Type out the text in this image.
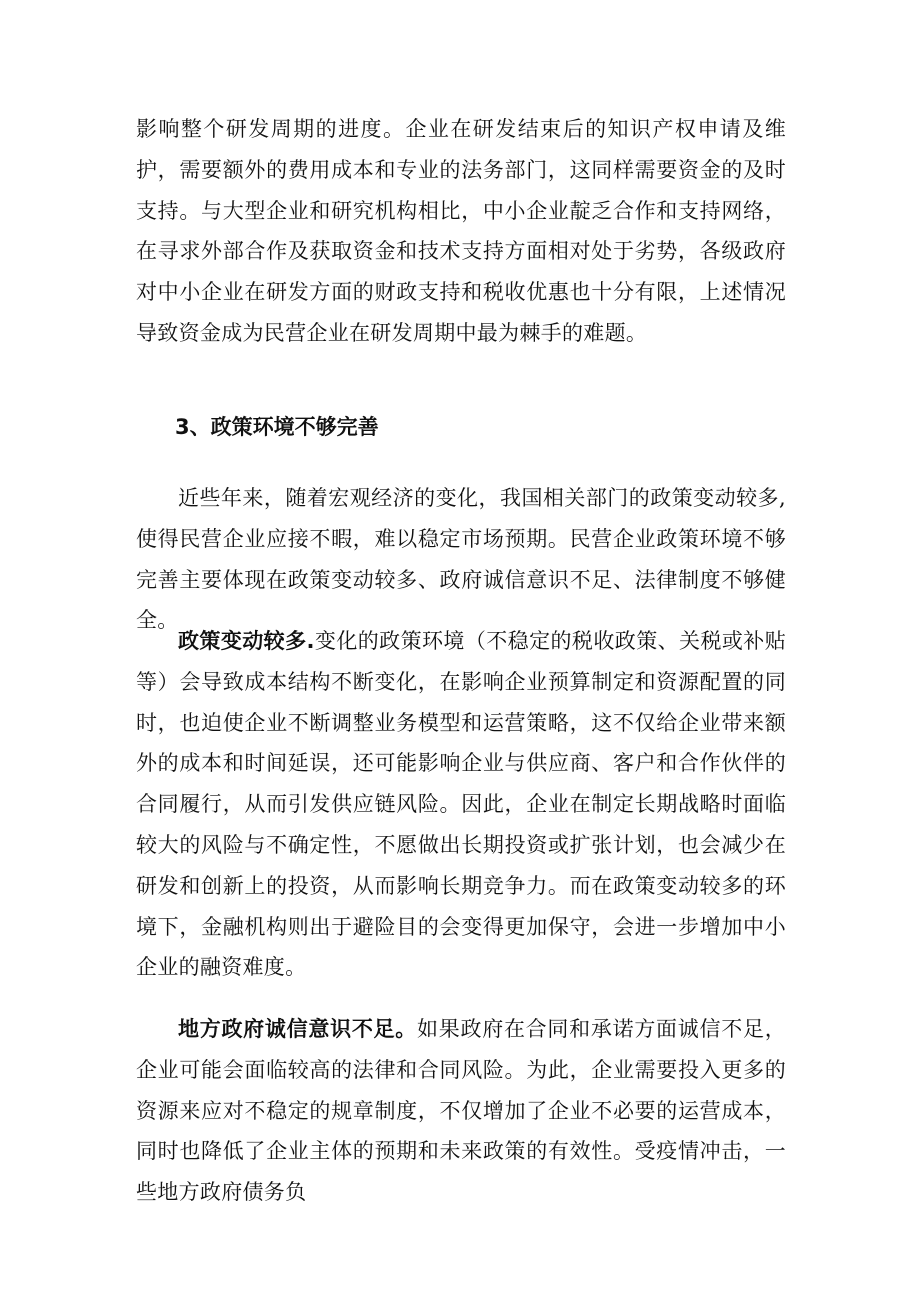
影响整个研发周期的进度。企业在研发结束后的知识产权申请及维护，需要额外的费用成本和专业的法务部门，这同样需要资金的及时支持。与大型企业和研究机构相比，中小企业靛乏合作和支持网络，在寻求外部合作及获取资金和技术支持方面相对处于劣势，各级政府对中小企业在研发方面的财政支持和税收优惠也十分有限，上述情况导致资金成为民营企业在研发周期中最为棘手的难题。

3、政策环境不够完善

近些年来，随着宏观经济的变化，我国相关部门的政策变动较多,使得民营企业应接不暇，难以稳定市场预期。民营企业政策环境不够完善主要体现在政策变动较多、政府诚信意识不足、法律制度不够健全。

政策变动较多.变化的政策环境（不稳定的税收政策、关税或补贴等）会导致成本结构不断变化，在影响企业预算制定和资源配置的同时，也迫使企业不断调整业务模型和运营策略，这不仅给企业带来额外的成本和时间延误，还可能影响企业与供应商、客户和合作伙伴的合同履行，从而引发供应链风险。因此，企业在制定长期战略时面临较大的风险与不确定性，不愿做出长期投资或扩张计划，也会减少在研发和创新上的投资，从而影响长期竞争力。而在政策变动较多的环境下，金融机构则出于避险目的会变得更加保守，会进一步增加中小企业的融资难度。

地方政府诚信意识不足。如果政府在合同和承诺方面诚信不足，企业可能会面临较高的法律和合同风险。为此，企业需要投入更多的资源来应对不稳定的规章制度，不仅增加了企业不必要的运营成本，同时也降低了企业主体的预期和未来政策的有效性。受疫情冲击，一些地方政府债务负
